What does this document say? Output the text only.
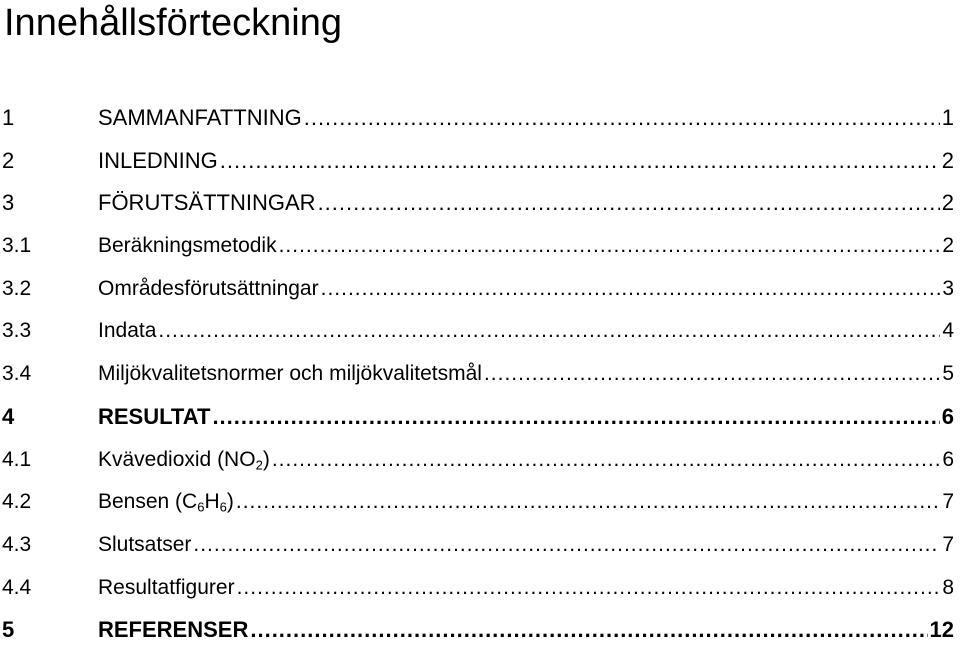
Innehållsförteckning
1	SAMMANFATTNING .....	1
2	INLEDNING .....	2
3	FÖRUTSÄTTNINGAR .....	2
3.1	Beräkningsmetodik .....	2
3.2	Områdesförutsättningar .....	3
3.3	Indata .....	4
3.4	Miljökvalitetsnormer och miljökvalitetsmål .....	5
4	RESULTAT .....	6
4.1	Kvävedioxid $(NO_2)$ .....	6
4.2	Bensen $(C_6H_6)$ .....	7
4.3	Slutsatser .....	7
4.4	Resultatfigurer .....	8
5	REFERENSER .....	12
